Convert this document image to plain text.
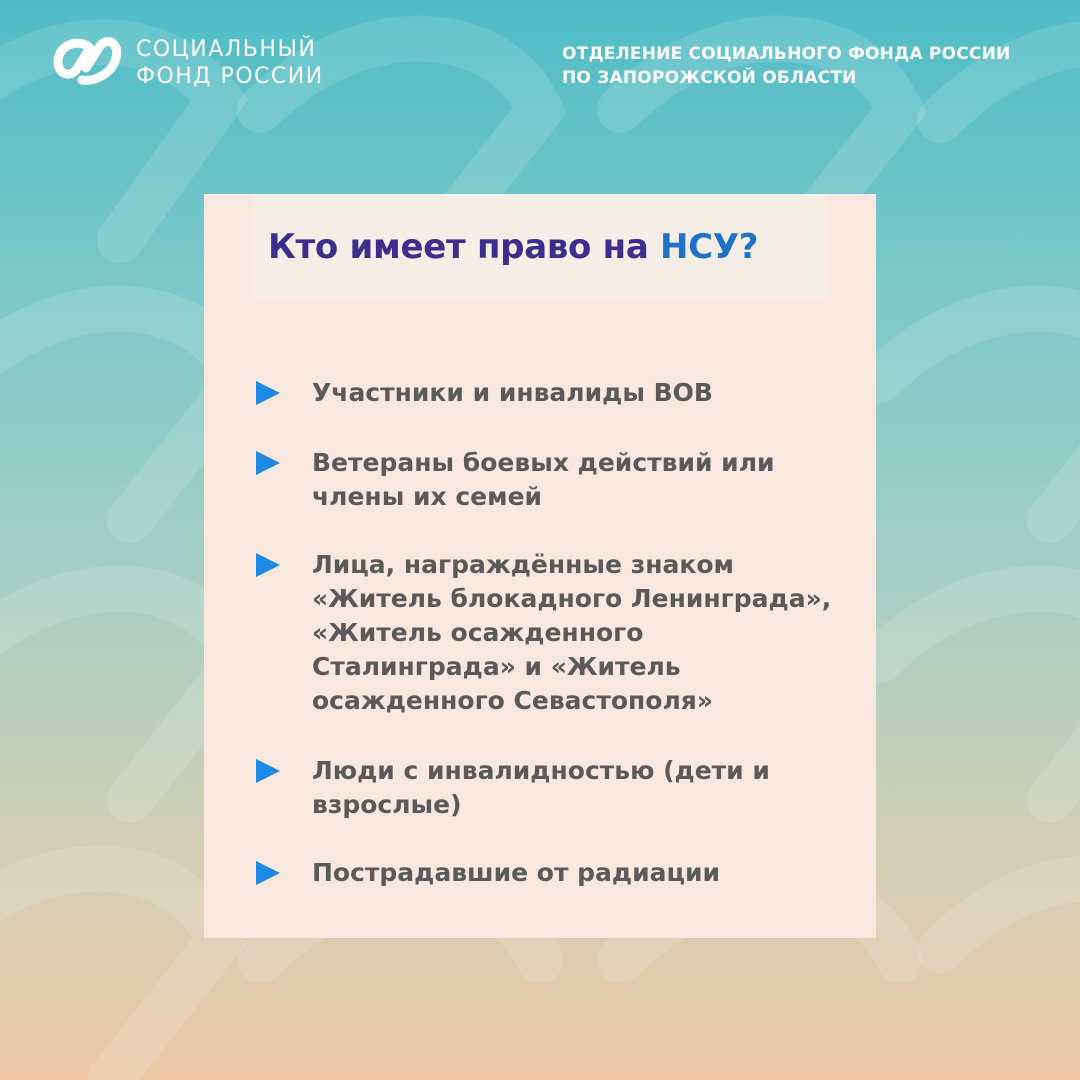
СОЦИАЛЬНЫЙ
ФОНД РОССИИ
ОТДЕЛЕНИЕ СОЦИАЛЬНОГО ФОНДА РОССИИ
ПО ЗАПОРОЖСКОЙ ОБЛАСТИ
Кто имеет право на НСУ?
Участники и инвалиды ВОВ
Ветераны боевых действий или
члены их семей
Лица, награждённые знаком
«Житель блокадного Ленинграда»,
«Житель осажденного
Сталинграда» и «Житель
осажденного Севастополя»
Люди с инвалидностью (дети и
взрослые)
Пострадавшие от радиации
